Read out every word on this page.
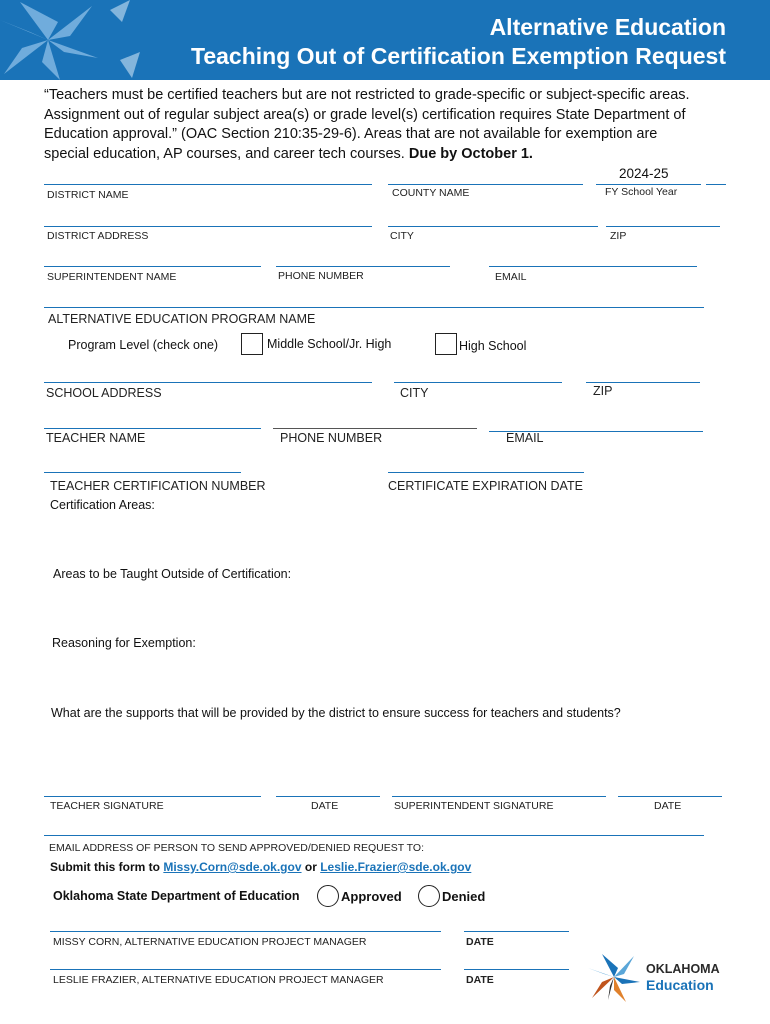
Alternative Education
Teaching Out of Certification Exemption Request
“Teachers must be certified teachers but are not restricted to grade-specific or subject-specific areas. Assignment out of regular subject area(s) or grade level(s) certification requires State Department of Education approval.” (OAC Section 210:35-29-6). Areas that are not available for exemption are special education, AP courses, and career tech courses. Due by October 1.
2024-25
DISTRICT NAME	COUNTY NAME	FY School Year
DISTRICT ADDRESS	CITY	ZIP
SUPERINTENDENT NAME	PHONE NUMBER	EMAIL
ALTERNATIVE EDUCATION PROGRAM NAME
Program Level (check one)	Middle School/Jr. High	High School
SCHOOL ADDRESS	CITY	ZIP
TEACHER NAME	PHONE NUMBER	EMAIL
TEACHER CERTIFICATION NUMBER	CERTIFICATE EXPIRATION DATE
Certification Areas:
Areas to be Taught Outside of Certification:
Reasoning for Exemption:
What are the supports that will be provided by the district to ensure success for teachers and students?
TEACHER SIGNATURE	DATE	SUPERINTENDENT SIGNATURE	DATE
EMAIL ADDRESS OF PERSON TO SEND APPROVED/DENIED REQUEST TO:
Submit this form to Missy.Corn@sde.ok.gov or Leslie.Frazier@sde.ok.gov
Oklahoma State Department of Education	Approved	Denied
MISSY CORN, ALTERNATIVE EDUCATION PROJECT MANAGER	DATE
LESLIE FRAZIER, ALTERNATIVE EDUCATION PROJECT MANAGER	DATE
OKLAHOMA
Education
